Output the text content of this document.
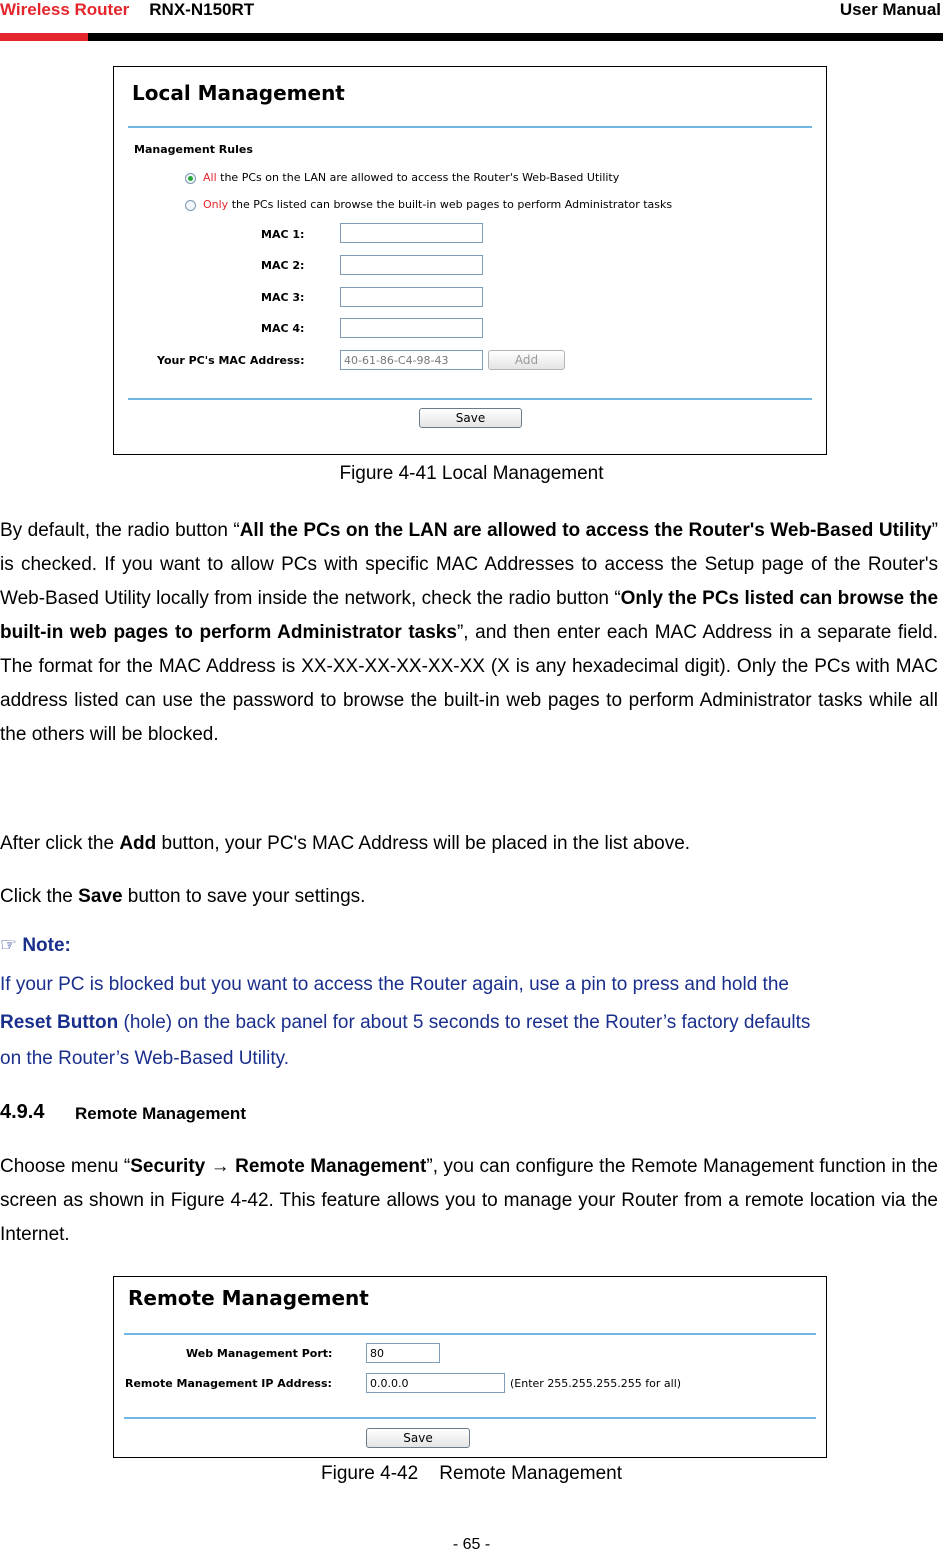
Wireless Router RNX-N150RT	User Manual
Local Management
Management Rules
All the PCs on the LAN are allowed to access the Router's Web-Based Utility
Only the PCs listed can browse the built-in web pages to perform Administrator tasks
MAC 1:
MAC 2:
MAC 3:
MAC 4:
Your PC's MAC Address:	40-61-86-C4-98-43	Add
Save
Figure 4-41 Local Management
By default, the radio button “All the PCs on the LAN are allowed to access the Router's Web-Based Utility” is checked. If you want to allow PCs with specific MAC Addresses to access the Setup page of the Router's Web-Based Utility locally from inside the network, check the radio button “Only the PCs listed can browse the built-in web pages to perform Administrator tasks”, and then enter each MAC Address in a separate field. The format for the MAC Address is XX-XX-XX-XX-XX-XX (X is any hexadecimal digit). Only the PCs with MAC address listed can use the password to browse the built-in web pages to perform Administrator tasks while all the others will be blocked.
After click the Add button, your PC's MAC Address will be placed in the list above.
Click the Save button to save your settings.
☞ Note:
If your PC is blocked but you want to access the Router again, use a pin to press and hold the
Reset Button (hole) on the back panel for about 5 seconds to reset the Router’s factory defaults
on the Router’s Web-Based Utility.
4.9.4 Remote Management
Choose menu “Security → Remote Management”, you can configure the Remote Management function in the screen as shown in Figure 4-42. This feature allows you to manage your Router from a remote location via the Internet.
Remote Management
Web Management Port:	80
Remote Management IP Address:	0.0.0.0	(Enter 255.255.255.255 for all)
Save
Figure 4-42    Remote Management
- 65 -
